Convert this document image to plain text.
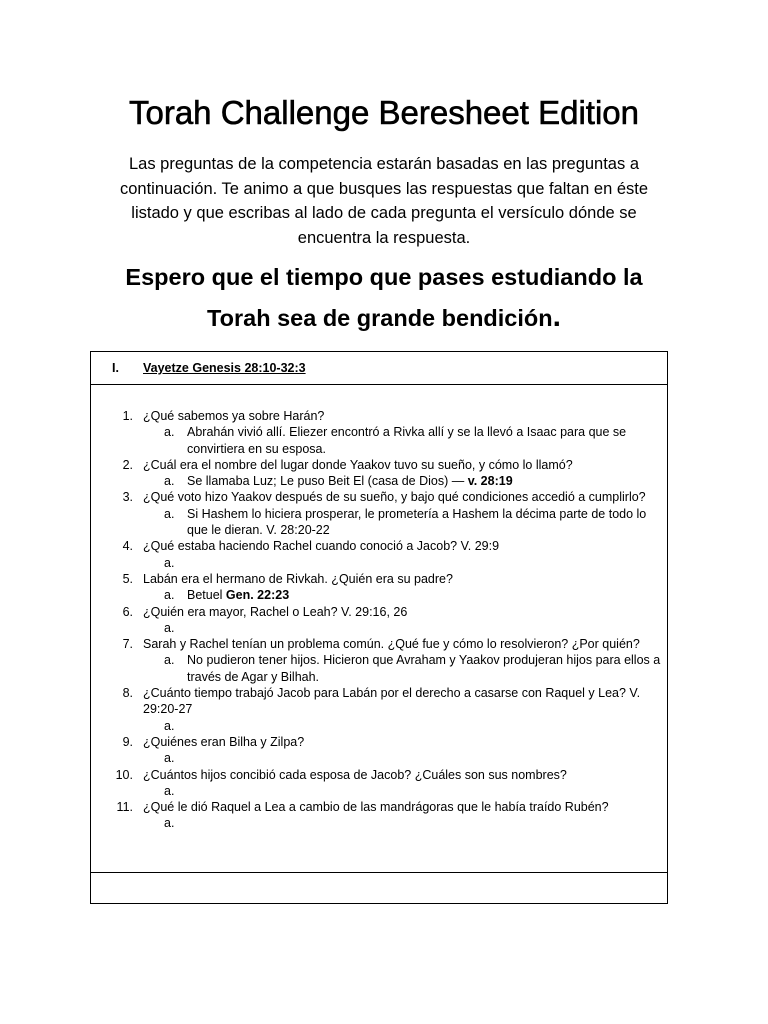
Torah Challenge Beresheet Edition

Las preguntas de la competencia estarán basadas en las preguntas a continuación. Te animo a que busques las respuestas que faltan en éste listado y que escribas al lado de cada pregunta el versículo dónde se encuentra la respuesta.

Espero que el tiempo que pases estudiando la
Torah sea de grande bendición.

I. Vayetze Genesis 28:10-32:3
1. ¿Qué sabemos ya sobre Harán?
a. Abrahán vivió allí. Eliezer encontró a Rivka allí y se la llevó a Isaac para que se convirtiera en su esposa.
2. ¿Cuál era el nombre del lugar donde Yaakov tuvo su sueño, y cómo lo llamó?
a. Se llamaba Luz; Le puso Beit El (casa de Dios) — v. 28:19
3. ¿Qué voto hizo Yaakov después de su sueño, y bajo qué condiciones accedió a cumplirlo?
a. Si Hashem lo hiciera prosperar, le prometería a Hashem la décima parte de todo lo que le dieran. V. 28:20-22
4. ¿Qué estaba haciendo Rachel cuando conoció a Jacob? V. 29:9
a.
5. Labán era el hermano de Rivkah. ¿Quién era su padre?
a. Betuel Gen. 22:23
6. ¿Quién era mayor, Rachel o Leah? V. 29:16, 26
a.
7. Sarah y Rachel tenían un problema común. ¿Qué fue y cómo lo resolvieron? ¿Por quién?
a. No pudieron tener hijos. Hicieron que Avraham y Yaakov produjeran hijos para ellos a través de Agar y Bilhah.
8. ¿Cuánto tiempo trabajó Jacob para Labán por el derecho a casarse con Raquel y Lea? V. 29:20-27
a.
9. ¿Quiénes eran Bilha y Zilpa?
a.
10. ¿Cuántos hijos concibió cada esposa de Jacob? ¿Cuáles son sus nombres?
a.
11. ¿Qué le dió Raquel a Lea a cambio de las mandrágoras que le había traído Rubén?
a.
